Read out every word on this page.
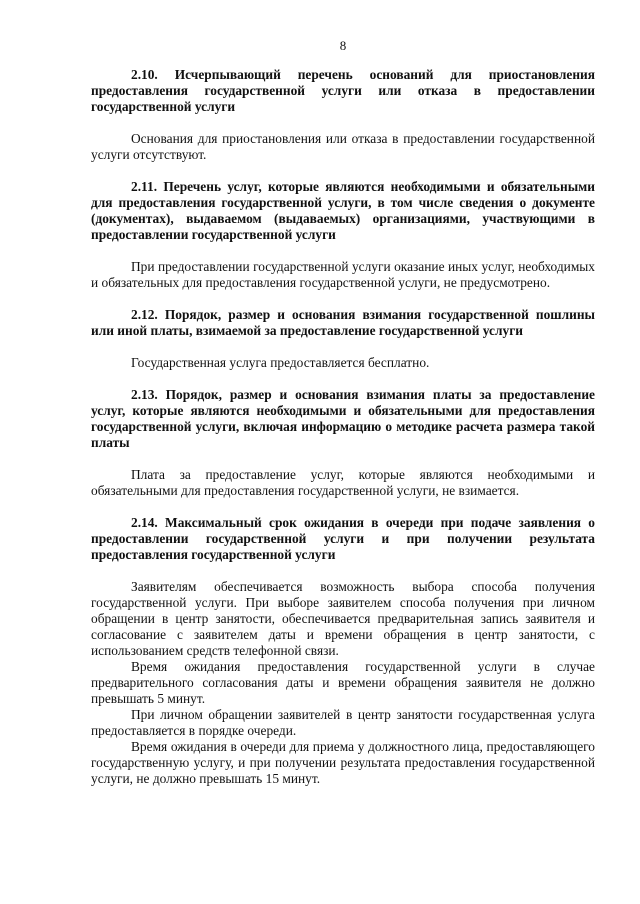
8

2.10. Исчерпывающий перечень оснований для приостановления предоставления государственной услуги или отказа в предоставлении государственной услуги

Основания для приостановления или отказа в предоставлении государственной услуги отсутствуют.

2.11. Перечень услуг, которые являются необходимыми и обязательными для предоставления государственной услуги, в том числе сведения о документе (документах), выдаваемом (выдаваемых) организациями, участвующими в предоставлении государственной услуги

При предоставлении государственной услуги оказание иных услуг, необходимых и обязательных для предоставления государственной услуги, не предусмотрено.

2.12. Порядок, размер и основания взимания государственной пошлины или иной платы, взимаемой за предоставление государственной услуги

Государственная услуга предоставляется бесплатно.

2.13. Порядок, размер и основания взимания платы за предоставление услуг, которые являются необходимыми и обязательными для предоставления государственной услуги, включая информацию о методике расчета размера такой платы

Плата за предоставление услуг, которые являются необходимыми и обязательными для предоставления государственной услуги, не взимается.

2.14. Максимальный срок ожидания в очереди при подаче заявления о предоставлении государственной услуги и при получении результата предоставления государственной услуги

Заявителям обеспечивается возможность выбора способа получения государственной услуги. При выборе заявителем способа получения при личном обращении в центр занятости, обеспечивается предварительная запись заявителя и согласование с заявителем даты и времени обращения в центр занятости, с использованием средств телефонной связи.

Время ожидания предоставления государственной услуги в случае предварительного согласования даты и времени обращения заявителя не должно превышать 5 минут.

При личном обращении заявителей в центр занятости государственная услуга предоставляется в порядке очереди.

Время ожидания в очереди для приема у должностного лица, предоставляющего государственную услугу, и при получении результата предоставления государственной услуги, не должно превышать 15 минут.
